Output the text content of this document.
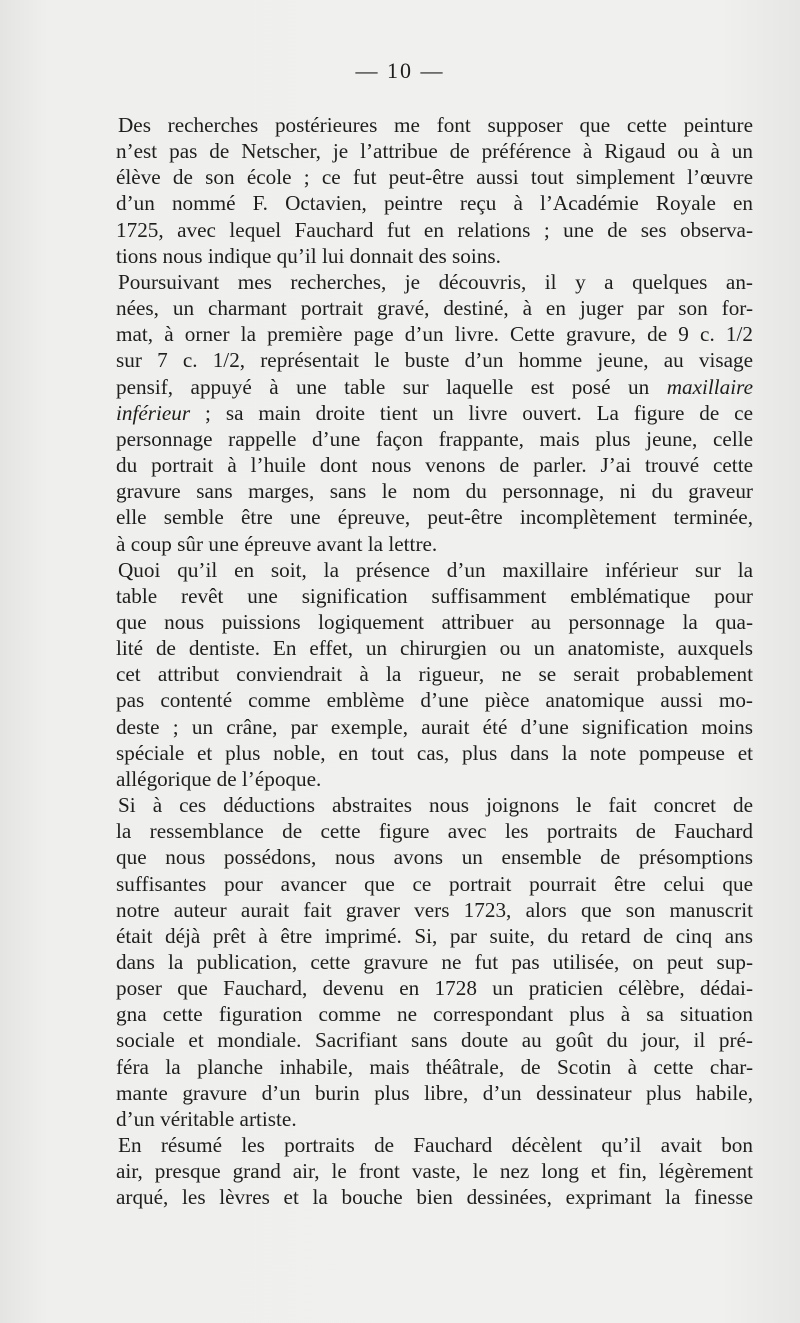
— 10 —

Des recherches postérieures me font supposer que cette peinture
n’est pas de Netscher, je l’attribue de préférence à Rigaud ou à un
élève de son école ; ce fut peut-être aussi tout simplement l’œuvre
d’un nommé F. Octavien, peintre reçu à l’Académie Royale en
1725, avec lequel Fauchard fut en relations ; une de ses observa-
tions nous indique qu’il lui donnait des soins.

Poursuivant mes recherches, je découvris, il y a quelques an-
nées, un charmant portrait gravé, destiné, à en juger par son for-
mat, à orner la première page d’un livre. Cette gravure, de 9 c. 1/2
sur 7 c. 1/2, représentait le buste d’un homme jeune, au visage
pensif, appuyé à une table sur laquelle est posé un maxillaire
inférieur ; sa main droite tient un livre ouvert. La figure de ce
personnage rappelle d’une façon frappante, mais plus jeune, celle
du portrait à l’huile dont nous venons de parler. J’ai trouvé cette
gravure sans marges, sans le nom du personnage, ni du graveur
elle semble être une épreuve, peut-être incomplètement terminée,
à coup sûr une épreuve avant la lettre.

Quoi qu’il en soit, la présence d’un maxillaire inférieur sur la
table revêt une signification suffisamment emblématique pour
que nous puissions logiquement attribuer au personnage la qua-
lité de dentiste. En effet, un chirurgien ou un anatomiste, auxquels
cet attribut conviendrait à la rigueur, ne se serait probablement
pas contenté comme emblème d’une pièce anatomique aussi mo-
deste ; un crâne, par exemple, aurait été d’une signification moins
spéciale et plus noble, en tout cas, plus dans la note pompeuse et
allégorique de l’époque.

Si à ces déductions abstraites nous joignons le fait concret de
la ressemblance de cette figure avec les portraits de Fauchard
que nous possédons, nous avons un ensemble de présomptions
suffisantes pour avancer que ce portrait pourrait être celui que
notre auteur aurait fait graver vers 1723, alors que son manuscrit
était déjà prêt à être imprimé. Si, par suite, du retard de cinq ans
dans la publication, cette gravure ne fut pas utilisée, on peut sup-
poser que Fauchard, devenu en 1728 un praticien célèbre, dédai-
gna cette figuration comme ne correspondant plus à sa situation
sociale et mondiale. Sacrifiant sans doute au goût du jour, il pré-
féra la planche inhabile, mais théâtrale, de Scotin à cette char-
mante gravure d’un burin plus libre, d’un dessinateur plus habile,
d’un véritable artiste.

En résumé les portraits de Fauchard décèlent qu’il avait bon
air, presque grand air, le front vaste, le nez long et fin, légèrement
arqué, les lèvres et la bouche bien dessinées, exprimant la finesse
